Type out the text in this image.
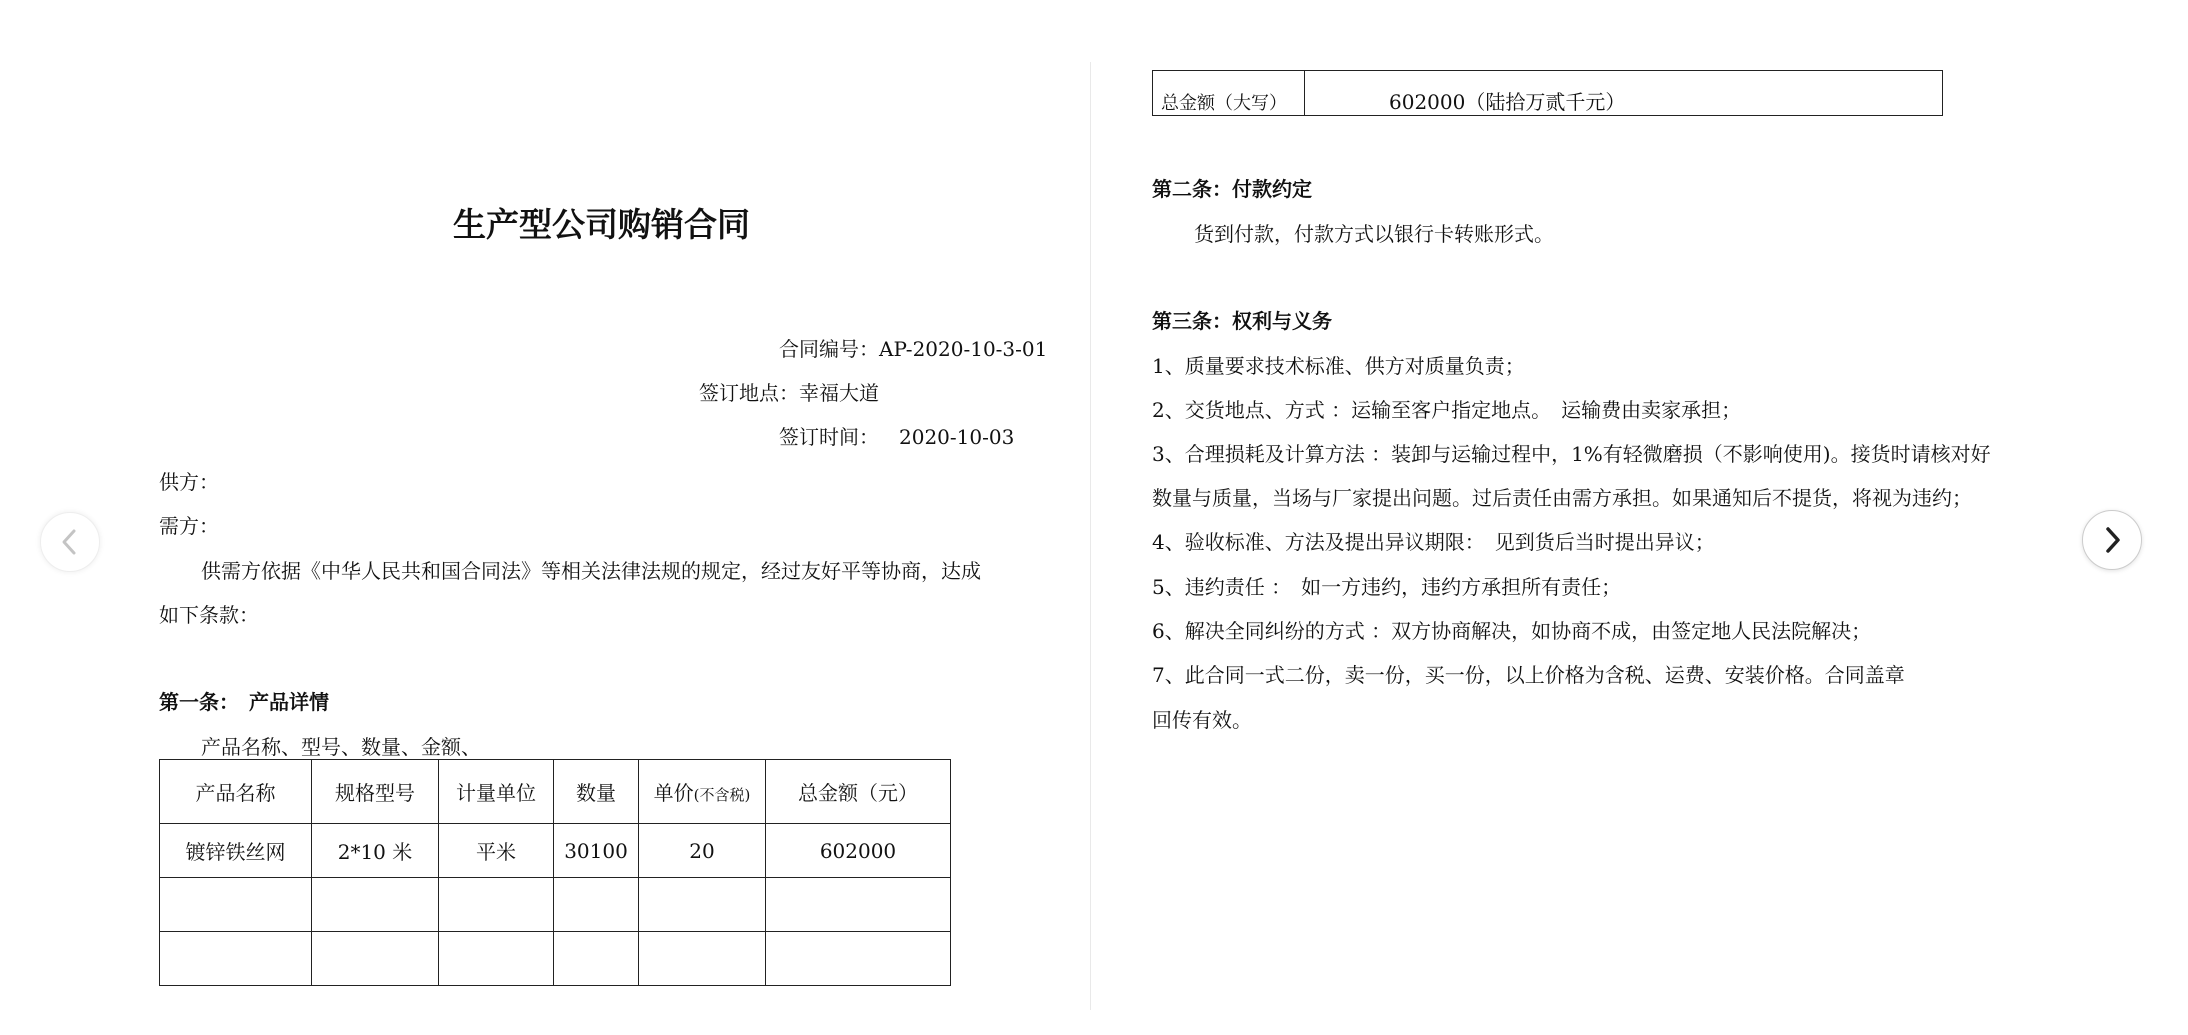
生产型公司购销合同
合同编号：AP-2020-10-3-01
签订地点：幸福大道
签订时间： 2020-10-03
供方：
需方：
供需方依据《中华人民共和国合同法》等相关法律法规的规定，经过友好平等协商，达成
如下条款：
第一条：　产品详情
产品名称、型号、数量、金额、
产品名称	规格型号	计量单位	数量	单价(不含税)	总金额（元）
镀锌铁丝网	2*10 米	平米	30100	20	602000

总金额（大写）	602000（陆拾万贰千元）
第二条：付款约定
货到付款，付款方式以银行卡转账形式。
第三条：权利与义务
1、质量要求技术标准、供方对质量负责；
2、交货地点、方式 ：运输至客户指定地点。　运输费由卖家承担；
3、合理损耗及计算方法 ：装卸与运输过程中，1%有轻微磨损（不影响使用)。接货时请核对好
数量与质量，当场与厂家提出问题。过后责任由需方承担。如果通知后不提货，将视为违约；
4、验收标准、方法及提出异议期限：　见到货后当时提出异议；
5、违约责任 ：　如一方违约，违约方承担所有责任；
6、解决全同纠纷的方式 ：双方协商解决，如协商不成，由签定地人民法院解决；
7、此合同一式二份，卖一份，买一份，以上价格为含税、运费、安装价格。合同盖章
回传有效。
